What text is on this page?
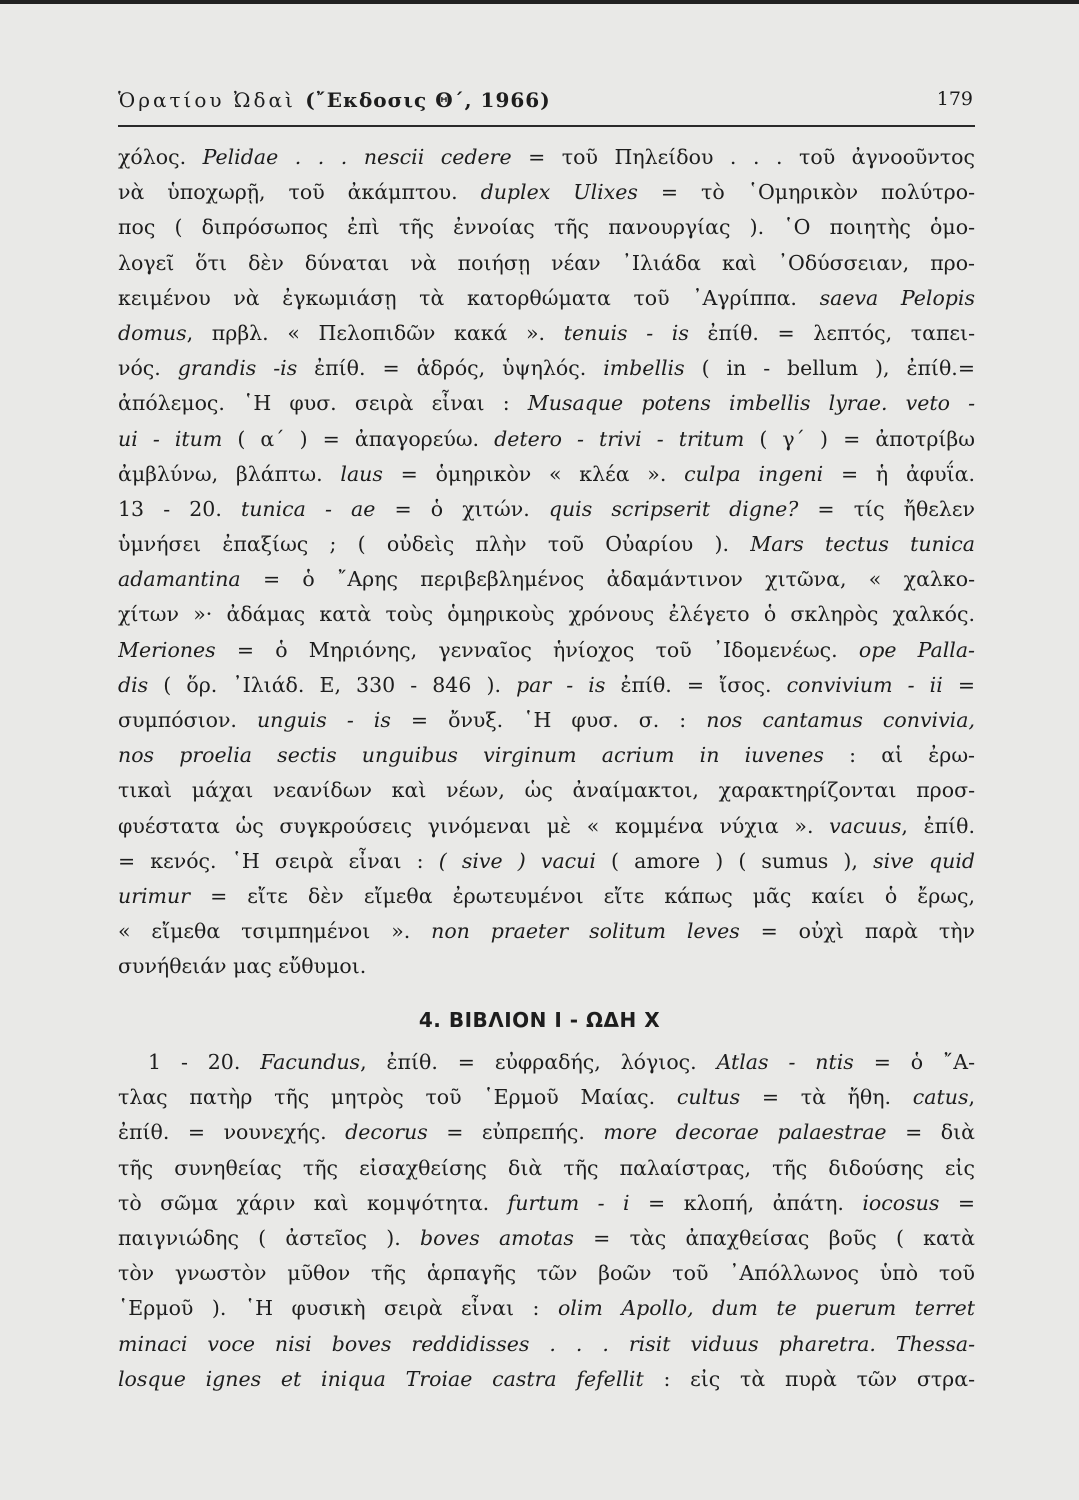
Ὁρατίου Ὠδαὶ (῎Εκδοσις Θ΄, 1966)	179
χόλος. Pelidae . . . nescii cedere = τοῦ Πηλείδου . . . τοῦ ἀγνοοῦντος
νὰ ὑποχωρῇ, τοῦ ἀκάμπτου. duplex Ulixes = τὸ ῾Ομηρικὸν πολύτρο-
πος ( διπρόσωπος ἐπὶ τῆς ἐννοίας τῆς πανουργίας ). ῾Ο ποιητὴς ὁμο-
λογεῖ ὅτι δὲν δύναται νὰ ποιήσῃ νέαν ᾽Ιλιάδα καὶ ᾽Οδύσσειαν, προ-
κειμένου νὰ ἐγκωμιάσῃ τὰ κατορθώματα τοῦ ᾽Αγρίππα. saeva Pelopis
domus, πρβλ. « Πελοπιδῶν κακά ». tenuis - is ἐπίθ. = λεπτός, ταπει-
νός. grandis -is ἐπίθ. = ἁδρός, ὑψηλός. imbellis ( in - bellum ), ἐπίθ.=
ἀπόλεμος. ῾Η φυσ. σειρὰ εἶναι : Musaque potens imbellis lyrae. veto -
ui - itum ( α΄ ) = ἀπαγορεύω. detero - trivi - tritum ( γ΄ ) = ἀποτρίβω
ἀμβλύνω, βλάπτω. laus = ὁμηρικὸν « κλέα ». culpa ingeni = ἡ ἀφυΐα.
13 - 20. tunica - ae = ὁ χιτών. quis scripserit digne? = τίς ἤθελεν
ὑμνήσει ἐπαξίως ; ( οὐδεὶς πλὴν τοῦ Οὐαρίου ). Mars tectus tunica
adamantina = ὁ ῎Αρης περιβεβλημένος ἀδαμάντινον χιτῶνα, « χαλκο-
χίτων »· ἀδάμας κατὰ τοὺς ὁμηρικοὺς χρόνους ἐλέγετο ὁ σκληρὸς χαλκός.
Meriones = ὁ Μηριόνης, γενναῖος ἡνίοχος τοῦ ᾽Ιδομενέως. ope Palla-
dis ( ὅρ. ᾽Ιλιάδ. Ε, 330 - 846 ). par - is ἐπίθ. = ἴσος. convivium - ii =
συμπόσιον. unguis - is = ὄνυξ. ῾Η φυσ. σ. : nos cantamus convivia,
nos proelia sectis unguibus virginum acrium in iuvenes : αἱ ἐρω-
τικαὶ μάχαι νεανίδων καὶ νέων, ὡς ἀναίμακτοι, χαρακτηρίζονται προσ-
φυέστατα ὡς συγκρούσεις γινόμεναι μὲ « κομμένα νύχια ». vacuus, ἐπίθ.
= κενός. ῾Η σειρὰ εἶναι : ( sive ) vacui ( amore ) ( sumus ), sive quid
urimur = εἴτε δὲν εἴμεθα ἐρωτευμένοι εἴτε κάπως μᾶς καίει ὁ ἔρως,
« εἴμεθα τσιμπημένοι ». non praeter solitum leves = οὐχὶ παρὰ τὴν
συνήθειάν μας εὔθυμοι.
4. ΒΙΒΛΙΟΝ Ι - ΩΔΗ Χ
1 - 20. Facundus, ἐπίθ. = εὐφραδής, λόγιος. Atlas - ntis = ὁ ῎Α-
τλας πατὴρ τῆς μητρὸς τοῦ ῾Ερμοῦ Μαίας. cultus = τὰ ἤθη. catus,
ἐπίθ. = νουνεχής. decorus = εὐπρεπής. more decorae palaestrae = διὰ
τῆς συνηθείας τῆς εἰσαχθείσης διὰ τῆς παλαίστρας, τῆς διδούσης εἰς
τὸ σῶμα χάριν καὶ κομψότητα. furtum - i = κλοπή, ἀπάτη. iocosus =
παιγνιώδης ( ἀστεῖος ). boves amotas = τὰς ἀπαχθείσας βοῦς ( κατὰ
τὸν γνωστὸν μῦθον τῆς ἁρπαγῆς τῶν βοῶν τοῦ ᾽Απόλλωνος ὑπὸ τοῦ
῾Ερμοῦ ). ῾Η φυσικὴ σειρὰ εἶναι : olim Apollo, dum te puerum terret
minaci voce nisi boves reddidisses . . . risit viduus pharetra. Thessa-
losque ignes et iniqua Troiae castra fefellit : εἰς τὰ πυρὰ τῶν στρα-
